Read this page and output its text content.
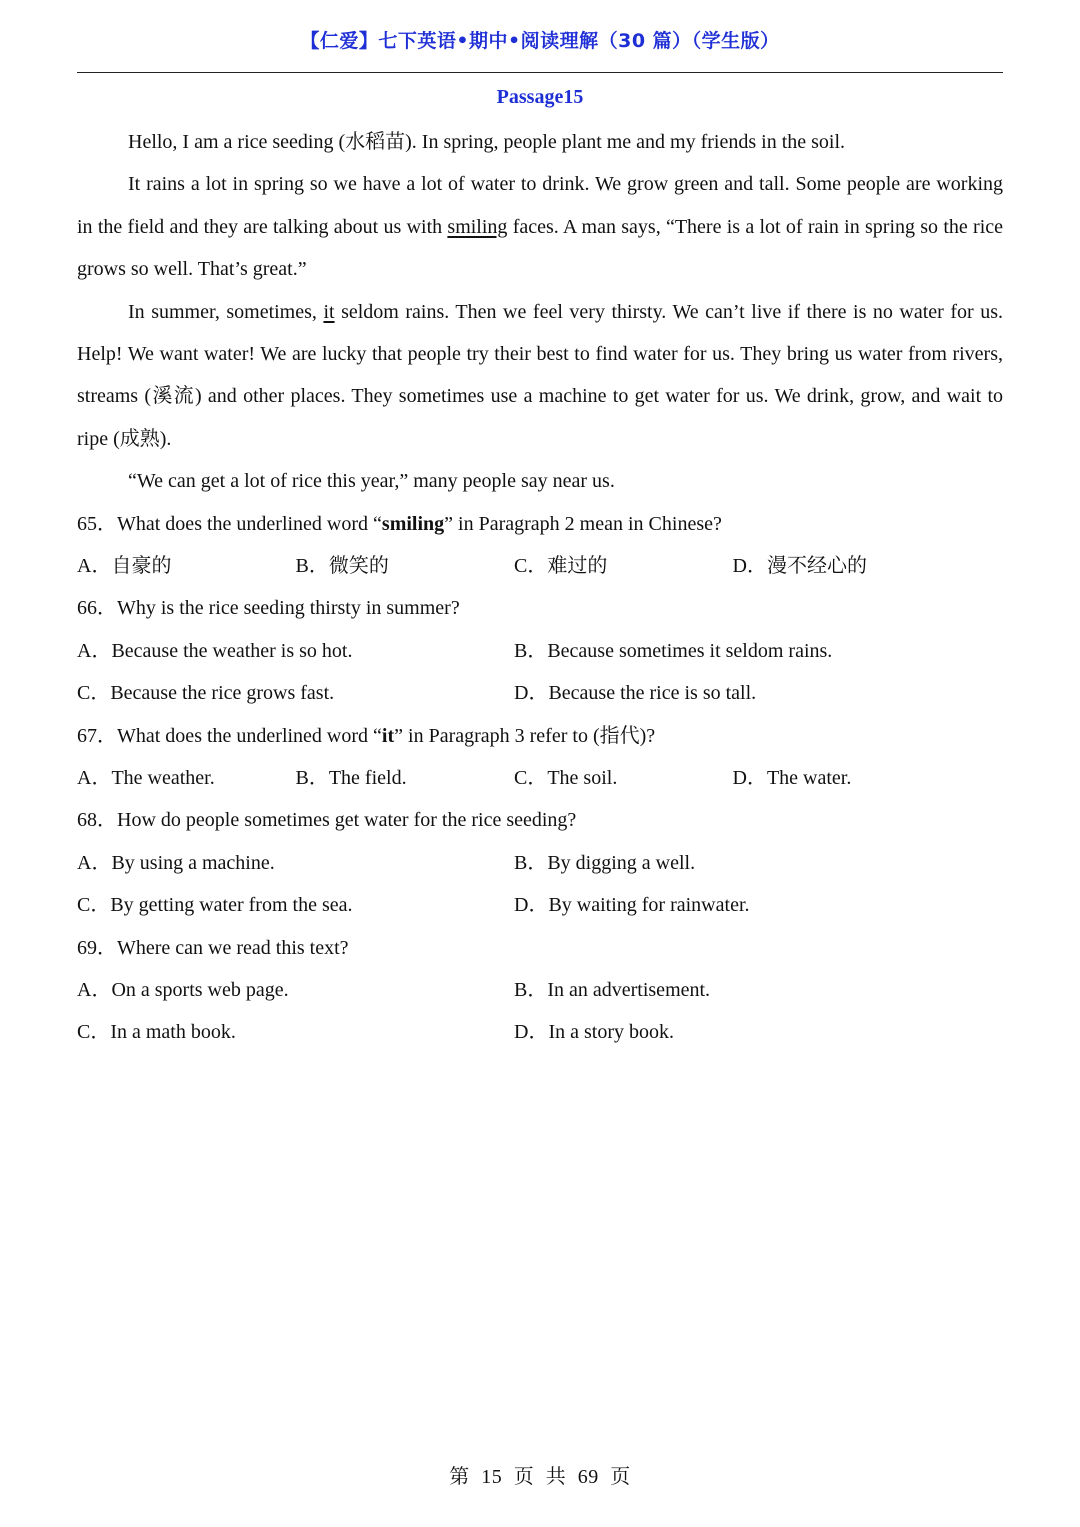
【仁爱】七下英语•期中•阅读理解（30 篇）（学生版）
Passage15

Hello, I am a rice seeding (水稻苗). In spring, people plant me and my friends in the soil.

It rains a lot in spring so we have a lot of water to drink. We grow green and tall. Some people are working in the field and they are talking about us with smiling faces. A man says, “There is a lot of rain in spring so the rice grows so well. That’s great.”

In summer, sometimes, it seldom rains. Then we feel very thirsty. We can’t live if there is no water for us. Help! We want water! We are lucky that people try their best to find water for us. They bring us water from rivers, streams (溪流) and other places. They sometimes use a machine to get water for us. We drink, grow, and wait to ripe (成熟).

“We can get a lot of rice this year,” many people say near us.

65．What does the underlined word “smiling” in Paragraph 2 mean in Chinese?
A．自豪的	B．微笑的	C．难过的	D．漫不经心的
66．Why is the rice seeding thirsty in summer?
A．Because the weather is so hot.	B．Because sometimes it seldom rains.
C．Because the rice grows fast.	D．Because the rice is so tall.
67．What does the underlined word “it” in Paragraph 3 refer to (指代)?
A．The weather.	B．The field.	C．The soil.	D．The water.
68．How do people sometimes get water for the rice seeding?
A．By using a machine.	B．By digging a well.
C．By getting water from the sea.	D．By waiting for rainwater.
69．Where can we read this text?
A．On a sports web page.	B．In an advertisement.
C．In a math book.	D．In a story book.
第 15 页 共 69 页
